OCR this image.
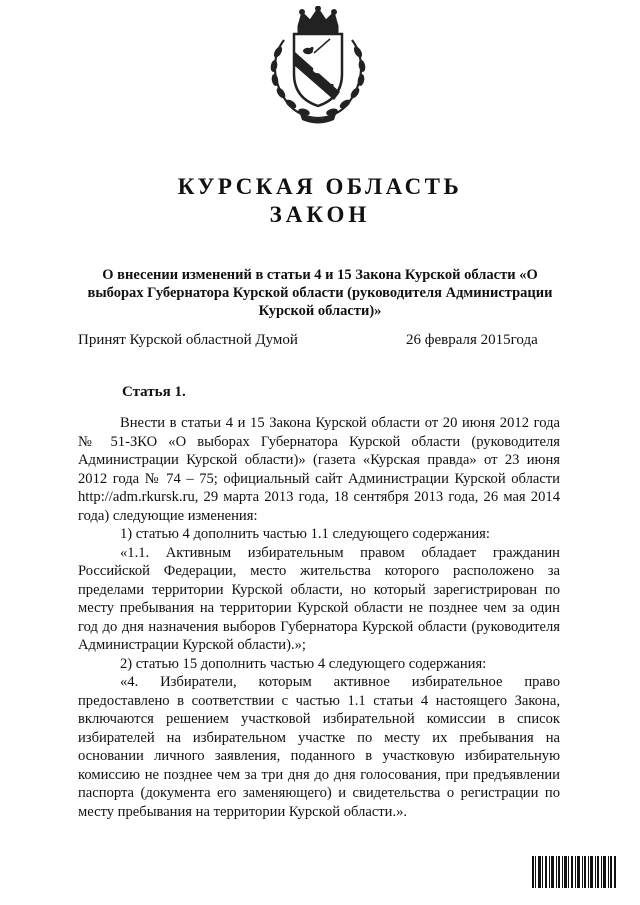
КУРСКАЯ ОБЛАСТЬ
ЗАКОН
О внесении изменений в статьи 4 и 15 Закона Курской области «О выборах Губернатора Курской области (руководителя Администрации Курской области)»
Принят Курской областной Думой	26 февраля 2015года
Статья 1.

Внести в статьи 4 и 15 Закона Курской области от 20 июня 2012 года № 51-ЗКО «О выборах Губернатора Курской области (руководителя Администрации Курской области)» (газета «Курская правда» от 23 июня 2012 года № 74 – 75; официальный сайт Администрации Курской области http://adm.rkursk.ru, 29 марта 2013 года, 18 сентября 2013 года, 26 мая 2014 года) следующие изменения:

1) статью 4 дополнить частью 1.1 следующего содержания:

«1.1. Активным избирательным правом обладает гражданин Российской Федерации, место жительства которого расположено за пределами территории Курской области, но который зарегистрирован по месту пребывания на территории Курской области не позднее чем за один год до дня назначения выборов Губернатора Курской области (руководителя Администрации Курской области).»;

2) статью 15 дополнить частью 4 следующего содержания:

«4. Избиратели, которым активное избирательное право предоставлено в соответствии с частью 1.1 статьи 4 настоящего Закона, включаются решением участковой избирательной комиссии в список избирателей на избирательном участке по месту их пребывания на основании личного заявления, поданного в участковую избирательную комиссию не позднее чем за три дня до дня голосования, при предъявлении паспорта (документа его заменяющего) и свидетельства о регистрации по месту пребывания на территории Курской области.».
